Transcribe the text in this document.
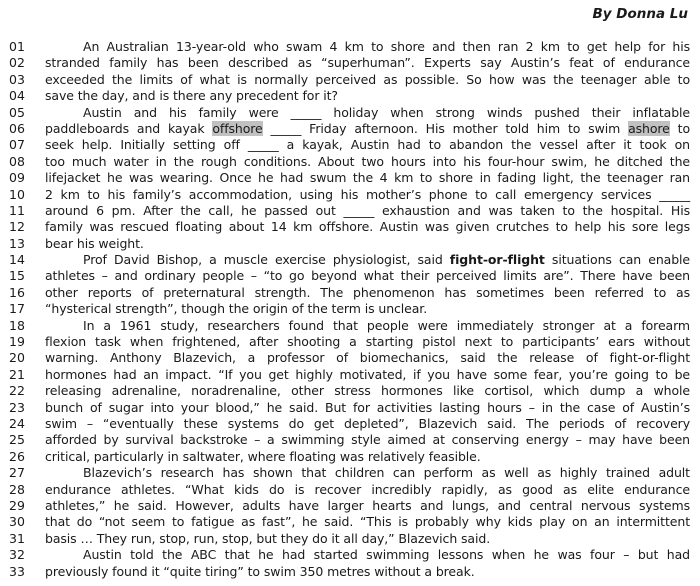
By Donna Lu
01	An Australian 13-year-old who swam 4 km to shore and then ran 2 km to get help for his
02 stranded family has been described as “superhuman”. Experts say Austin’s feat of endurance
03 exceeded the limits of what is normally perceived as possible. So how was the teenager able to
04 save the day, and is there any precedent for it?
05	Austin and his family were _____ holiday when strong winds pushed their inflatable
06 paddleboards and kayak offshore _____ Friday afternoon. His mother told him to swim ashore to
07 seek help. Initially setting off _____ a kayak, Austin had to abandon the vessel after it took on
08 too much water in the rough conditions. About two hours into his four-hour swim, he ditched the
09 lifejacket he was wearing. Once he had swum the 4 km to shore in fading light, the teenager ran
10 2 km to his family’s accommodation, using his mother’s phone to call emergency services _____
11 around 6 pm. After the call, he passed out _____ exhaustion and was taken to the hospital. His
12 family was rescued floating about 14 km offshore. Austin was given crutches to help his sore legs
13 bear his weight.
14	Prof David Bishop, a muscle exercise physiologist, said fight-or-flight situations can enable
15 athletes – and ordinary people – “to go beyond what their perceived limits are”. There have been
16 other reports of preternatural strength. The phenomenon has sometimes been referred to as
17 “hysterical strength”, though the origin of the term is unclear.
18	In a 1961 study, researchers found that people were immediately stronger at a forearm
19 flexion task when frightened, after shooting a starting pistol next to participants’ ears without
20 warning. Anthony Blazevich, a professor of biomechanics, said the release of fight-or-flight
21 hormones had an impact. “If you get highly motivated, if you have some fear, you’re going to be
22 releasing adrenaline, noradrenaline, other stress hormones like cortisol, which dump a whole
23 bunch of sugar into your blood,” he said. But for activities lasting hours – in the case of Austin’s
24 swim – “eventually these systems do get depleted”, Blazevich said. The periods of recovery
25 afforded by survival backstroke – a swimming style aimed at conserving energy – may have been
26 critical, particularly in saltwater, where floating was relatively feasible.
27	Blazevich’s research has shown that children can perform as well as highly trained adult
28 endurance athletes. “What kids do is recover incredibly rapidly, as good as elite endurance
29 athletes,” he said. However, adults have larger hearts and lungs, and central nervous systems
30 that do “not seem to fatigue as fast”, he said. “This is probably why kids play on an intermittent
31 basis … They run, stop, run, stop, but they do it all day,” Blazevich said.
32	Austin told the ABC that he had started swimming lessons when he was four – but had
33 previously found it “quite tiring” to swim 350 metres without a break.
